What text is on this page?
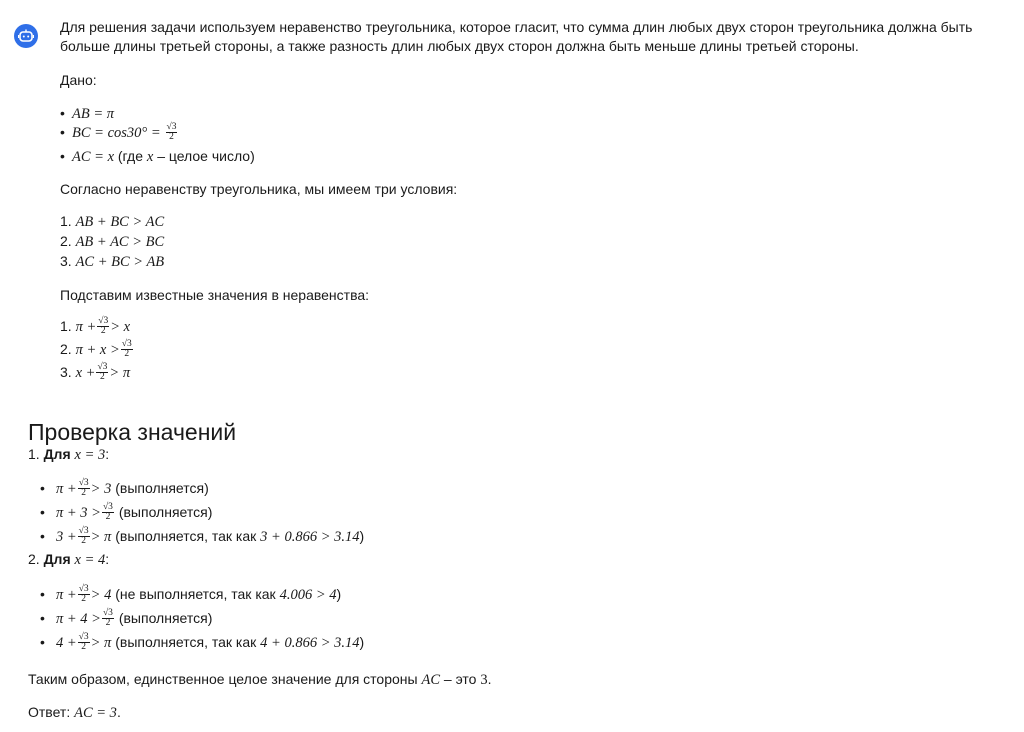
Для решения задачи используем неравенство треугольника, которое гласит, что сумма длин любых двух сторон треугольника должна быть больше длины третьей стороны, а также разность длин любых двух сторон должна быть меньше длины третьей стороны.

Дано:

• AB = π
• BC = $\cos 30^\circ = \frac{√3}{2}$
• AC = x (где x – целое число)

Согласно неравенству треугольника, мы имеем три условия:

1. AB + BC > AC
2. AB + AC > BC
3. AC + BC > AB

Подставим известные значения в неравенства:

1. $\pi + \frac{√3}{2} > x$
2. $\pi + x > \frac{√3}{2}$
3. $x + \frac{√3}{2} > \pi$
Проверка значений
1. Для x = 3:
• $\pi + \frac{√3}{2} > 3$ (выполняется)
• $\pi + 3 > \frac{√3}{2}$ (выполняется)
• $3 + \frac{√3}{2} > \pi$ (выполняется, так как 3 + 0.866 > 3.14)
2. Для x = 4:
• $\pi + \frac{√3}{2} > 4$ (не выполняется, так как 4.006 > 4)
• $\pi + 4 > \frac{√3}{2}$ (выполняется)
• $4 + \frac{√3}{2} > \pi$ (выполняется, так как 4 + 0.866 > 3.14)

Таким образом, единственное целое значение для стороны AC – это 3.

Ответ: AC = 3.
